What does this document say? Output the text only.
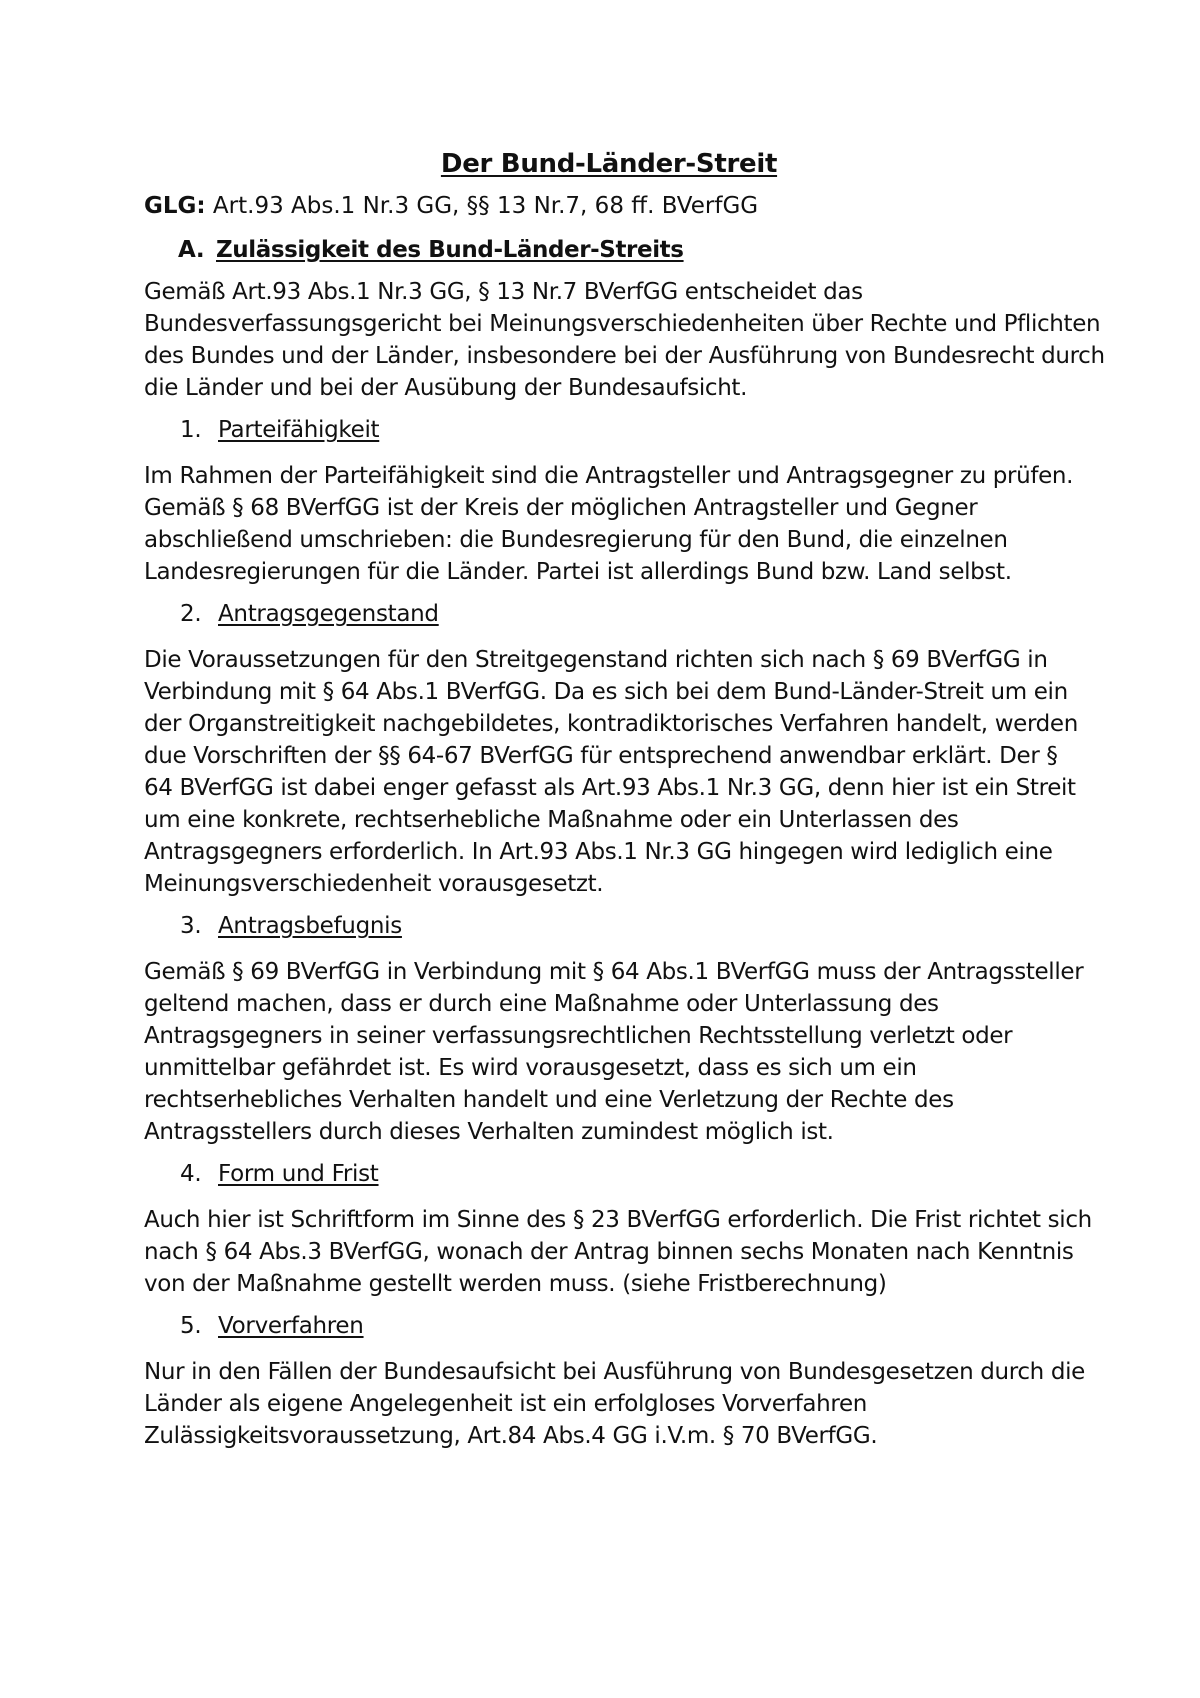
Der Bund-Länder-Streit
GLG: Art.93 Abs.1 Nr.3 GG, §§ 13 Nr.7, 68 ff. BVerfGG
A. Zulässigkeit des Bund-Länder-Streits
Gemäß Art.93 Abs.1 Nr.3 GG, § 13 Nr.7 BVerfGG entscheidet das
Bundesverfassungsgericht bei Meinungsverschiedenheiten über Rechte und Pflichten
des Bundes und der Länder, insbesondere bei der Ausführung von Bundesrecht durch
die Länder und bei der Ausübung der Bundesaufsicht.
1. Parteifähigkeit
Im Rahmen der Parteifähigkeit sind die Antragsteller und Antragsgegner zu prüfen.
Gemäß § 68 BVerfGG ist der Kreis der möglichen Antragsteller und Gegner
abschließend umschrieben: die Bundesregierung für den Bund, die einzelnen
Landesregierungen für die Länder. Partei ist allerdings Bund bzw. Land selbst.
2. Antragsgegenstand
Die Voraussetzungen für den Streitgegenstand richten sich nach § 69 BVerfGG in
Verbindung mit § 64 Abs.1 BVerfGG. Da es sich bei dem Bund-Länder-Streit um ein
der Organstreitigkeit nachgebildetes, kontradiktorisches Verfahren handelt, werden
due Vorschriften der §§ 64-67 BVerfGG für entsprechend anwendbar erklärt. Der §
64 BVerfGG ist dabei enger gefasst als Art.93 Abs.1 Nr.3 GG, denn hier ist ein Streit
um eine konkrete, rechtserhebliche Maßnahme oder ein Unterlassen des
Antragsgegners erforderlich. In Art.93 Abs.1 Nr.3 GG hingegen wird lediglich eine
Meinungsverschiedenheit vorausgesetzt.
3. Antragsbefugnis
Gemäß § 69 BVerfGG in Verbindung mit § 64 Abs.1 BVerfGG muss der Antragssteller
geltend machen, dass er durch eine Maßnahme oder Unterlassung des
Antragsgegners in seiner verfassungsrechtlichen Rechtsstellung verletzt oder
unmittelbar gefährdet ist. Es wird vorausgesetzt, dass es sich um ein
rechtserhebliches Verhalten handelt und eine Verletzung der Rechte des
Antragsstellers durch dieses Verhalten zumindest möglich ist.
4. Form und Frist
Auch hier ist Schriftform im Sinne des § 23 BVerfGG erforderlich. Die Frist richtet sich
nach § 64 Abs.3 BVerfGG, wonach der Antrag binnen sechs Monaten nach Kenntnis
von der Maßnahme gestellt werden muss. (siehe Fristberechnung)
5. Vorverfahren
Nur in den Fällen der Bundesaufsicht bei Ausführung von Bundesgesetzen durch die
Länder als eigene Angelegenheit ist ein erfolgloses Vorverfahren
Zulässigkeitsvoraussetzung, Art.84 Abs.4 GG i.V.m. § 70 BVerfGG.
